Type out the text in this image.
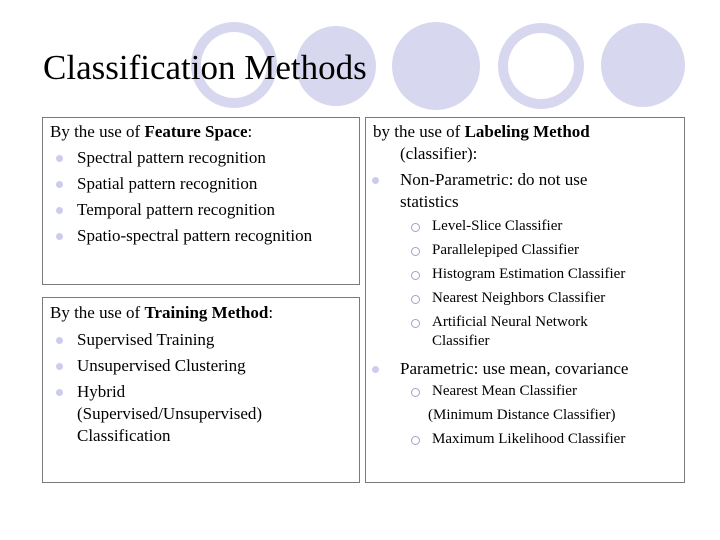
Classification Methods
By the use of Feature Space:
Spectral pattern recognition
Spatial pattern recognition
Temporal pattern recognition
Spatio-spectral pattern recognition
By the use of Training Method:
Supervised Training
Unsupervised Clustering
Hybrid
(Supervised/Unsupervised)
Classification
by the use of Labeling Method
(classifier):
Non-Parametric: do not use
statistics
Level-Slice Classifier
Parallelepiped Classifier
Histogram Estimation Classifier
Nearest Neighbors Classifier
Artificial Neural Network
Classifier
Parametric: use mean, covariance
Nearest Mean Classifier
(Minimum Distance Classifier)
Maximum Likelihood Classifier
